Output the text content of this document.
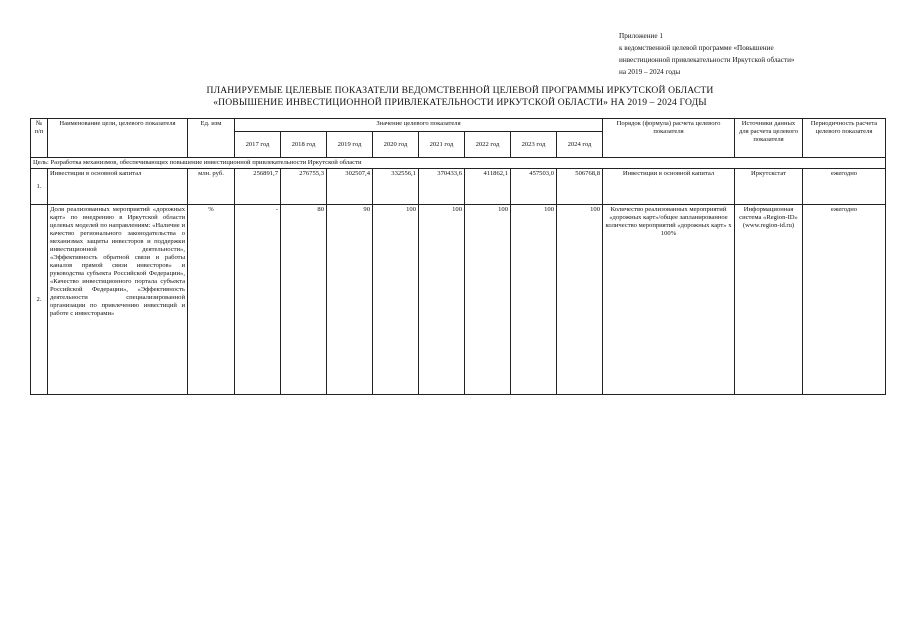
Приложение 1
к ведомственной целевой программе «Повышение
инвестиционной привлекательности Иркутской области»
на 2019 – 2024 годы
ПЛАНИРУЕМЫЕ ЦЕЛЕВЫЕ ПОКАЗАТЕЛИ ВЕДОМСТВЕННОЙ ЦЕЛЕВОЙ ПРОГРАММЫ ИРКУТСКОЙ ОБЛАСТИ
«ПОВЫШЕНИЕ ИНВЕСТИЦИОННОЙ ПРИВЛЕКАТЕЛЬНОСТИ ИРКУТСКОЙ ОБЛАСТИ» НА 2019 – 2024 ГОДЫ
№ п/п	Наименование цели, целевого показателя	Ед. изм	Значение целевого показателя								Порядок (формула) расчета целевого показателя	Источники данных для расчета целевого показателя	Периодичность расчета целевого показателя
			2017 год	2018 год	2019 год	2020 год	2021 год	2022 год	2023 год	2024 год			
Цель: Разработка механизмов, обеспечивающих повышение инвестиционной привлекательности Иркутской области													
1.	Инвестиции в основной капитал	млн. руб.	256891,7	276755,3	302507,4	332556,1	370433,6	411862,1	457503,0	506768,8	Инвестиции в основной капитал	Иркутскстат	ежегодно
2.	Доля реализованных мероприятий «дорожных карт» по внедрению в Иркутской области целевых моделей по направлениям: «Наличие и качество регионального законодательства о механизмах защиты инвесторов и поддержки инвестиционной деятельности», «Эффективность обратной связи и работы каналов прямой связи инвесторов» и руководства субъекта Российской Федерации», «Качество инвестиционного портала субъекта Российской Федерации», «Эффективность деятельности специализированной организации по привлечению инвестиций и работе с инвесторами»	%	-	80	90	100	100	100	100	100	Количество реализованных мероприятий «дорожных карт»/общее запланированное количество мероприятий «дорожных карт» х 100%	Информационная система «Region-ID» (www.region-id.ru)	ежегодно
